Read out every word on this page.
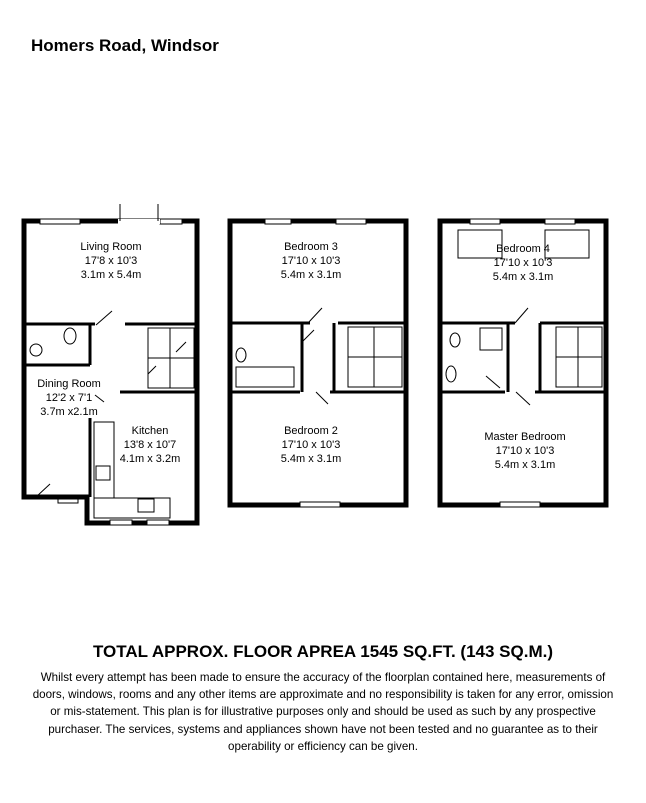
Homers Road, Windsor
Living Room
17'8 x 10'3
3.1m x 5.4m
Dining Room
12'2 x 7'1
3.7m x2.1m
Kitchen
13'8 x 10'7
4.1m x 3.2m
Bedroom 3
17'10 x 10'3
5.4m x 3.1m
Bedroom 2
17'10 x 10'3
5.4m x 3.1m
Bedroom 4
17'10 x 10'3
5.4m x 3.1m
Master Bedroom
17'10 x 10'3
5.4m x 3.1m
TOTAL APPROX. FLOOR APREA 1545 SQ.FT. (143 SQ.M.)
Whilst every attempt has been made to ensure the accuracy of the floorplan contained here, measurements of doors, windows, rooms and any other items are approximate and no responsibility is taken for any error, omission or mis-statement. This plan is for illustrative purposes only and should be used as such by any prospective purchaser. The services, systems and appliances shown have not been tested and no guarantee as to their operability or efficiency can be given.
